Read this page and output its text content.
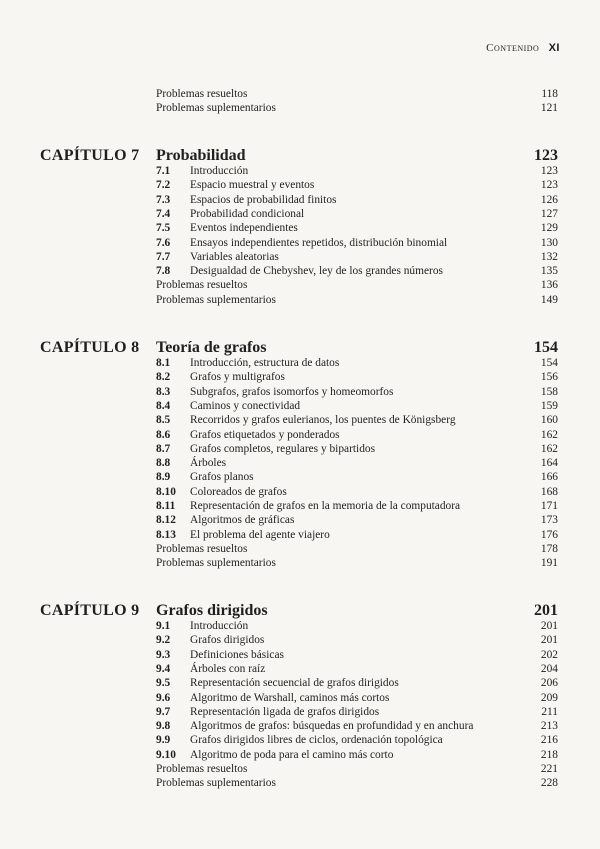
Contenido XI
Problemas resueltos	118
Problemas suplementarios	121
CAPÍTULO 7 Probabilidad	123
7.1 Introducción	123
7.2 Espacio muestral y eventos	123
7.3 Espacios de probabilidad finitos	126
7.4 Probabilidad condicional	127
7.5 Eventos independientes	129
7.6 Ensayos independientes repetidos, distribución binomial	130
7.7 Variables aleatorias	132
7.8 Desigualdad de Chebyshev, ley de los grandes números	135
Problemas resueltos	136
Problemas suplementarios	149
CAPÍTULO 8 Teoría de grafos	154
8.1 Introducción, estructura de datos	154
8.2 Grafos y multigrafos	156
8.3 Subgrafos, grafos isomorfos y homeomorfos	158
8.4 Caminos y conectividad	159
8.5 Recorridos y grafos eulerianos, los puentes de Königsberg	160
8.6 Grafos etiquetados y ponderados	162
8.7 Grafos completos, regulares y bipartidos	162
8.8 Árboles	164
8.9 Grafos planos	166
8.10 Coloreados de grafos	168
8.11 Representación de grafos en la memoria de la computadora	171
8.12 Algoritmos de gráficas	173
8.13 El problema del agente viajero	176
Problemas resueltos	178
Problemas suplementarios	191
CAPÍTULO 9 Grafos dirigidos	201
9.1 Introducción	201
9.2 Grafos dirigidos	201
9.3 Definiciones básicas	202
9.4 Árboles con raíz	204
9.5 Representación secuencial de grafos dirigidos	206
9.6 Algoritmo de Warshall, caminos más cortos	209
9.7 Representación ligada de grafos dirigidos	211
9.8 Algoritmos de grafos: búsquedas en profundidad y en anchura	213
9.9 Grafos dirigidos libres de ciclos, ordenación topológica	216
9.10 Algoritmo de poda para el camino más corto	218
Problemas resueltos	221
Problemas suplementarios	228
